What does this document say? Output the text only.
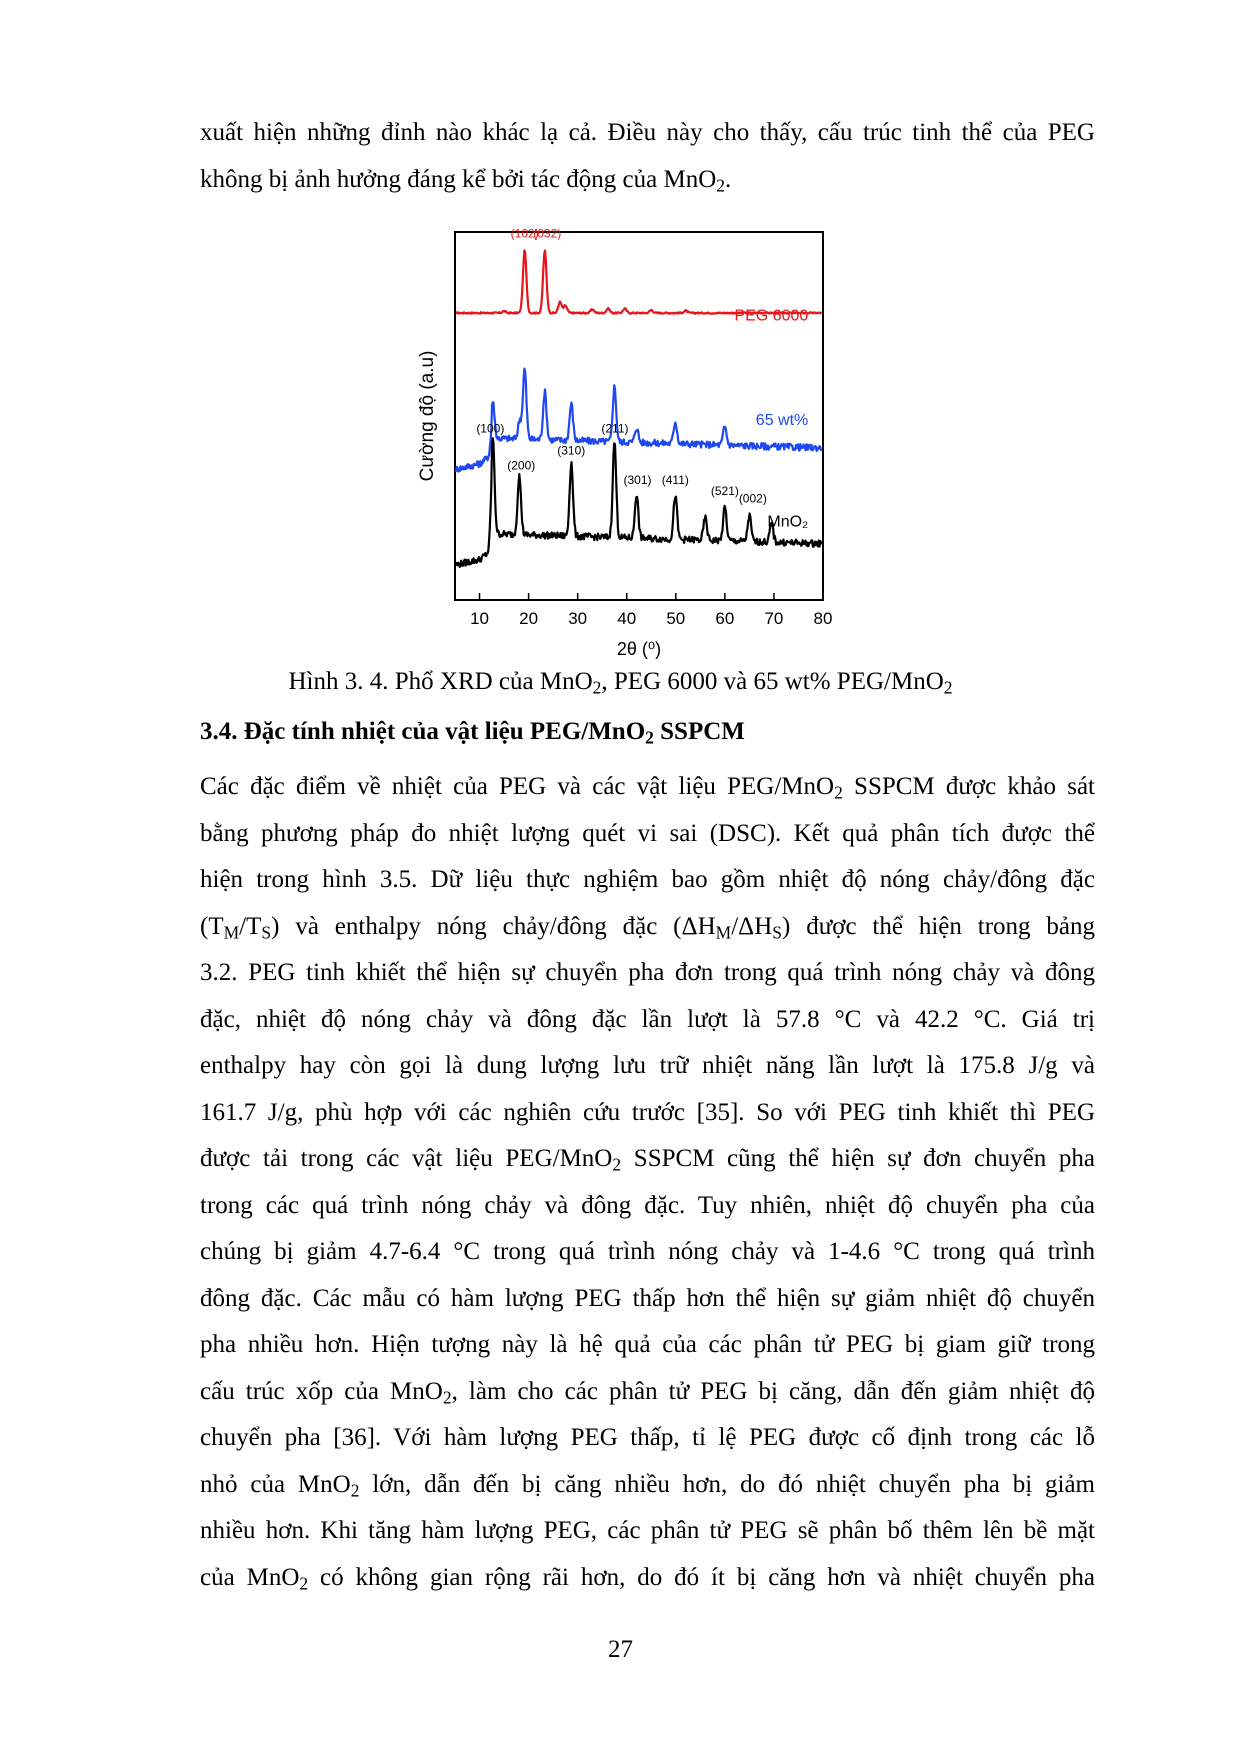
xuất hiện những đỉnh nào khác lạ cả. Điều này cho thấy, cấu trúc tinh thể của PEG
không bị ảnh hưởng đáng kể bởi tác động của MnO$_2$.
10 20 30 40 50 60 70 80
2θ (⁰)
Cường độ (a.u)
PEG 6000
(102)
(032)
65 wt%
MnO₂
(100)
(200)
(310)
(211)
(301) (411)
(521)
(002)
Hình 3. 4. Phổ XRD của MnO$_2$, PEG 6000 và 65 wt% PEG/MnO$_2$
3.4. Đặc tính nhiệt của vật liệu PEG/MnO$_2$ SSPCM
Các đặc điểm về nhiệt của PEG và các vật liệu PEG/MnO$_2$ SSPCM được khảo sát
bằng phương pháp đo nhiệt lượng quét vi sai (DSC). Kết quả phân tích được thể
hiện trong hình 3.5. Dữ liệu thực nghiệm bao gồm nhiệt độ nóng chảy/đông đặc
$(T_M/T_S)$ và enthalpy nóng chảy/đông đặc $(\Delta H_M/\Delta H_S)$ được thể hiện trong bảng
3.2. PEG tinh khiết thể hiện sự chuyển pha đơn trong quá trình nóng chảy và đông
đặc, nhiệt độ nóng chảy và đông đặc lần lượt là 57.8 °C và 42.2 °C. Giá trị
enthalpy hay còn gọi là dung lượng lưu trữ nhiệt năng lần lượt là 175.8 J/g và
161.7 J/g, phù hợp với các nghiên cứu trước [35]. So với PEG tinh khiết thì PEG
được tải trong các vật liệu PEG/MnO$_2$ SSPCM cũng thể hiện sự đơn chuyển pha
trong các quá trình nóng chảy và đông đặc. Tuy nhiên, nhiệt độ chuyển pha của
chúng bị giảm 4.7-6.4 °C trong quá trình nóng chảy và 1-4.6 °C trong quá trình
đông đặc. Các mẫu có hàm lượng PEG thấp hơn thể hiện sự giảm nhiệt độ chuyển
pha nhiều hơn. Hiện tượng này là hệ quả của các phân tử PEG bị giam giữ trong
cấu trúc xốp của MnO$_2$, làm cho các phân tử PEG bị căng, dẫn đến giảm nhiệt độ
chuyển pha [36]. Với hàm lượng PEG thấp, tỉ lệ PEG được cố định trong các lỗ
nhỏ của MnO$_2$ lớn, dẫn đến bị căng nhiều hơn, do đó nhiệt chuyển pha bị giảm
nhiều hơn. Khi tăng hàm lượng PEG, các phân tử PEG sẽ phân bố thêm lên bề mặt
của MnO$_2$ có không gian rộng rãi hơn, do đó ít bị căng hơn và nhiệt chuyển pha
27
